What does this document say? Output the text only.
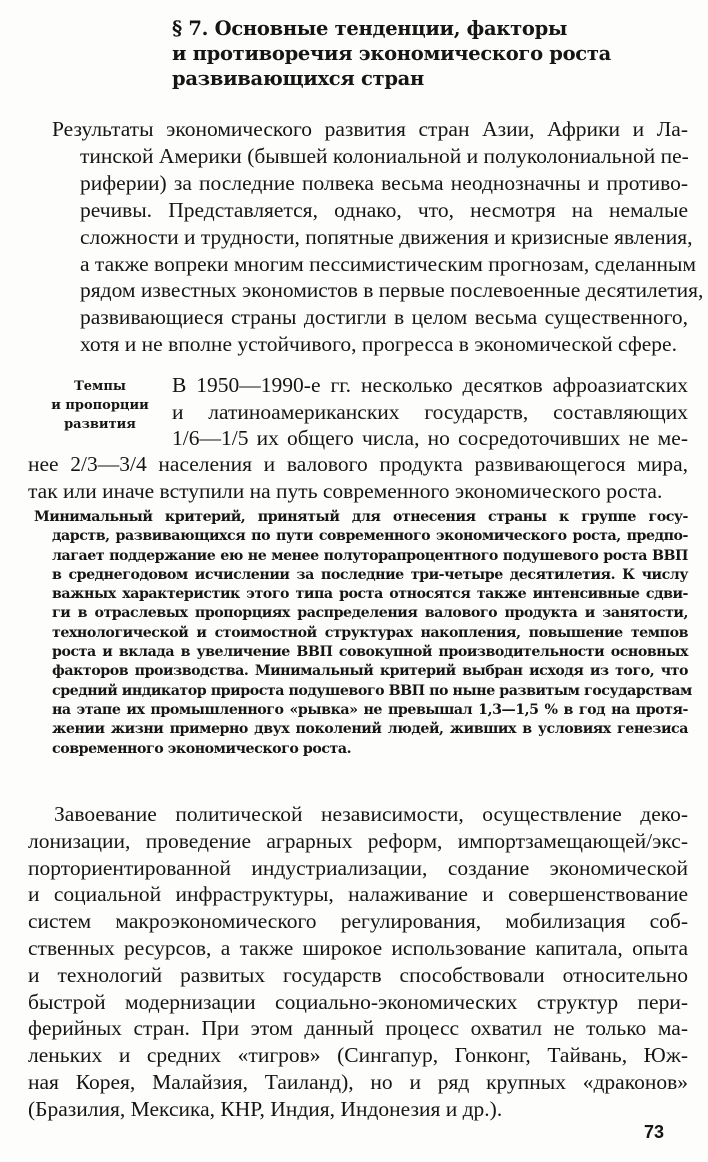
§ 7. Основные тенденции, факторы
и противоречия экономического роста
развивающихся стран
Результаты экономического развития стран Азии, Африки и Ла-
тинской Америки (бывшей колониальной и полуколониальной пе-
риферии) за последние полвека весьма неоднозначны и противо-
речивы. Представляется, однако, что, несмотря на немалые
сложности и трудности, попятные движения и кризисные явления,
а также вопреки многим пессимистическим прогнозам, сделанным
рядом известных экономистов в первые послевоенные десятилетия,
развивающиеся страны достигли в целом весьма существенного,
хотя и не вполне устойчивого, прогресса в экономической сфере.
Темпы
и пропорции
развития
В 1950—1990-е гг. несколько десятков афроазиатских
и латиноамериканских государств, составляющих
1/6—1/5 их общего числа, но сосредоточивших не ме-
нее 2/3—3/4 населения и валового продукта развивающегося мира,
так или иначе вступили на путь современного экономического роста.
Минимальный критерий, принятый для отнесения страны к группе госу-
дарств, развивающихся по пути современного экономического роста, предпо-
лагает поддержание ею не менее полуторапроцентного подушевого роста ВВП
в среднегодовом исчислении за последние три-четыре десятилетия. К числу
важных характеристик этого типа роста относятся также интенсивные сдви-
ги в отраслевых пропорциях распределения валового продукта и занятости,
технологической и стоимостной структурах накопления, повышение темпов
роста и вклада в увеличение ВВП совокупной производительности основных
факторов производства. Минимальный критерий выбран исходя из того, что
средний индикатор прироста подушевого ВВП по ныне развитым государствам
на этапе их промышленного «рывка» не превышал 1,3—1,5 % в год на протя-
жении жизни примерно двух поколений людей, живших в условиях генезиса
современного экономического роста.
Завоевание политической независимости, осуществление деко-
лонизации, проведение аграрных реформ, импортзамещающей/экс-
порториентированной индустриализации, создание экономической
и социальной инфраструктуры, налаживание и совершенствование
систем макроэкономического регулирования, мобилизация соб-
ственных ресурсов, а также широкое использование капитала, опыта
и технологий развитых государств способствовали относительно
быстрой модернизации социально-экономических структур пери-
ферийных стран. При этом данный процесс охватил не только ма-
леньких и средних «тигров» (Сингапур, Гонконг, Тайвань, Юж-
ная Корея, Малайзия, Таиланд), но и ряд крупных «драконов»
(Бразилия, Мексика, КНР, Индия, Индонезия и др.).
73
